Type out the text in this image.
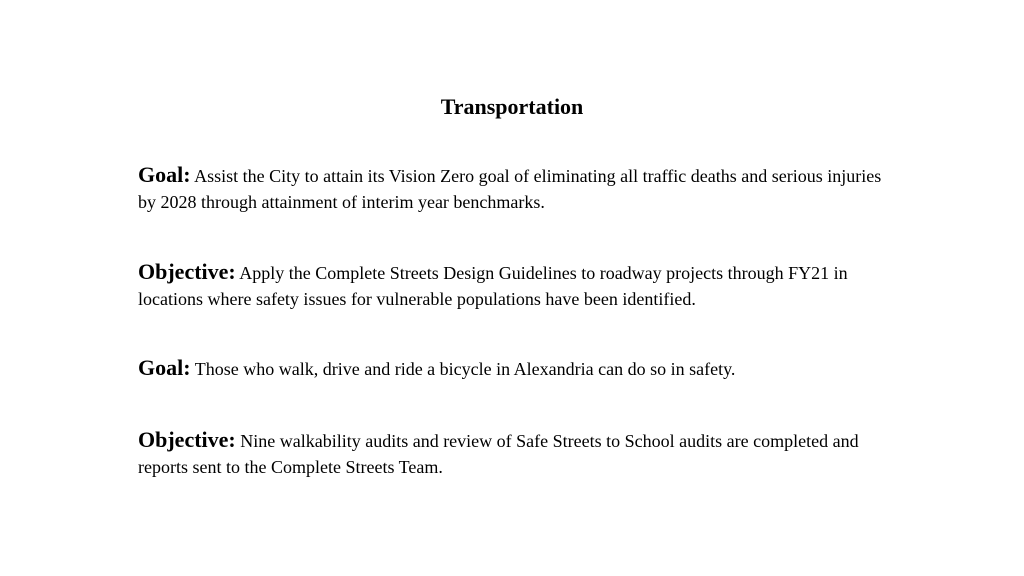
Transportation
Goal: Assist the City to attain its Vision Zero goal of eliminating all traffic deaths and serious injuries by 2028 through attainment of interim year benchmarks.
Objective: Apply the Complete Streets Design Guidelines to roadway projects through FY21 in locations where safety issues for vulnerable populations have been identified.
Goal: Those who walk, drive and ride a bicycle in Alexandria can do so in safety.
Objective: Nine walkability audits and review of Safe Streets to School audits are completed and reports sent to the Complete Streets Team.
